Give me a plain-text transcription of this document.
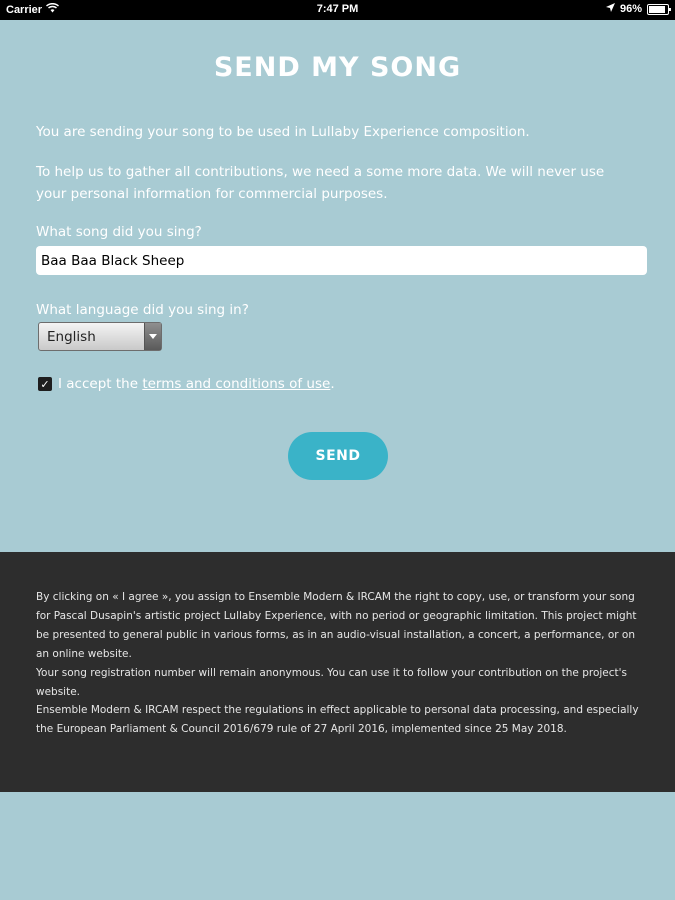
Carrier	7:47 PM	96%
SEND MY SONG
You are sending your song to be used in Lullaby Experience composition.
To help us to gather all contributions, we need a some more data. We will never use your personal information for commercial purposes.
What song did you sing?
Baa Baa Black Sheep
What language did you sing in?
English
✓ I accept the terms and conditions of use.
SEND

By clicking on « I agree », you assign to Ensemble Modern & IRCAM the right to copy, use, or transform your song for Pascal Dusapin's artistic project Lullaby Experience, with no period or geographic limitation. This project might be presented to general public in various forms, as in an audio-visual installation, a concert, a performance, or on an online website.

Your song registration number will remain anonymous. You can use it to follow your contribution on the project's website.

Ensemble Modern & IRCAM respect the regulations in effect applicable to personal data processing, and especially the European Parliament & Council 2016/679 rule of 27 April 2016, implemented since 25 May 2018.
